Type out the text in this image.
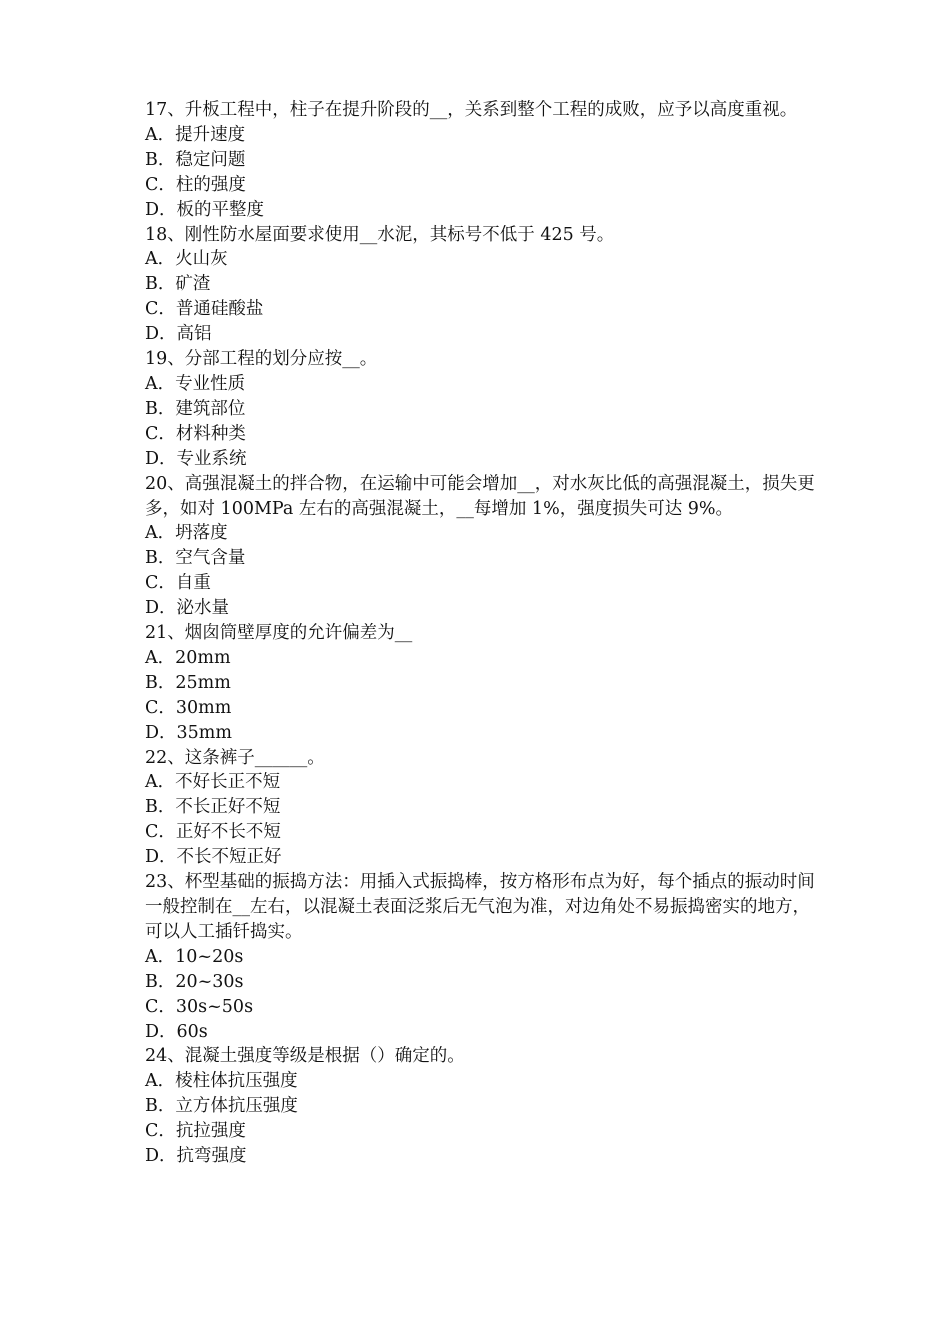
17、升板工程中，柱子在提升阶段的__，关系到整个工程的成败，应予以高度重视。

A．提升速度

B．稳定问题

C．柱的强度

D．板的平整度

18、刚性防水屋面要求使用__水泥，其标号不低于 425 号。

A．火山灰

B．矿渣

C．普通硅酸盐

D．高铝

19、分部工程的划分应按__。

A．专业性质

B．建筑部位

C．材料种类

D．专业系统

20、高强混凝土的拌合物，在运输中可能会增加__，对水灰比低的高强混凝土，损失更多，如对 100MPa 左右的高强混凝土，__每增加 1%，强度损失可达 9%。

A．坍落度

B．空气含量

C．自重

D．泌水量

21、烟囱筒壁厚度的允许偏差为__

A．20mm

B．25mm

C．30mm

D．35mm

22、这条裤子______。

A．不好长正不短

B．不长正好不短

C．正好不长不短

D．不长不短正好

23、杯型基础的振捣方法：用插入式振捣棒，按方格形布点为好，每个插点的振动时间一般控制在__左右，以混凝土表面泛浆后无气泡为准，对边角处不易振捣密实的地方，可以人工插钎捣实。

A．10~20s

B．20~30s

C．30s~50s

D．60s

24、混凝土强度等级是根据（）确定的。

A．棱柱体抗压强度

B．立方体抗压强度

C．抗拉强度

D．抗弯强度
